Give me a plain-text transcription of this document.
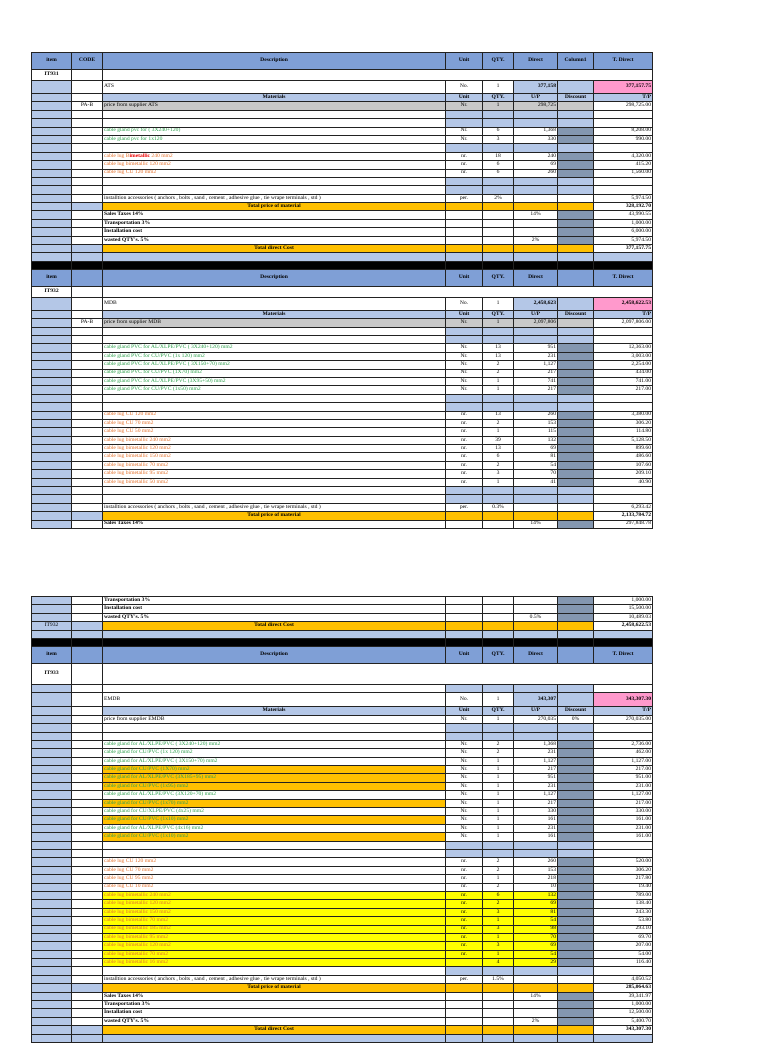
item	CODE	Description	Unit	QTY.	Direct	Column1	T. Direct
IT931							
		ATS	No.	1	377,158		377,157.75
		Materials	Unit	QTY.	U/P	Discount	T/P
	PA-B	price from supplier ATS	Nr.	1	298,725		298,725.00

		cable gland pvc for ( 3X240+120)	Nr.	6	1,368		8,208.00
		cable gland pvc for 1x120	Nr.	3	330		990.00

		cable lug Bimetallic 240 mm2	nr.	18	240		4,320.00
		cable lug bimetallic 120 mm2	nr.	6	69		415.20
		cable lug CU 120 mm2	nr.	6	260		1,560.00

		installtion accessories ( anchors , bolts , sand , cement , adhesive glue , tie wrape terminals , std )	per.	2%			5,974.50
		Total price of material					328,192.70
		Sales Taxes 14%			14%		43,990.55
		Transportation 3%					1,000.00
		Installation cost					6,000.00
		wasted QTY's. 5%			2%		5,974.50
		Total direct Cost					377,157.75

item		Description	Unit	QTY.	Direct		T. Direct
IT932							
		MDB	No.	1	2,458,623		2,458,622.53
		Materials	Unit	QTY.	U/P	Discount	T/P
	PA-B	price from supplier MDB	Nr.	1	2,097,806		2,097,806.00

		cable gland PVC for AL/XLPE/PVC ( 3X240+120) mm2	Nr.	13	951		12,363.00
		cable gland PVC for CU/PVC (1x 120) mm2	Nr.	13	231		3,003.00
		cable gland PVC for AL/XLPE/PVC ( 3X150+70) mm2	Nr.	2	1,127		2,254.00
		cable gland PVC for CU/PVC (1X70) mm2	Nr.	2	217		434.00
		cable gland PVC for AL/XLPE/PVC (3X95+50) mm2	Nr.	1	741		741.00
		cable gland PVC for CU/PVC (1x50) mm2	Nr.	1	217		217.00

		cable lug CU 120 mm2	nr.	13	260		3,380.00
		cable lug CU 70 mm2	nr.	2	153		306.20
		cable lug CU 50 mm2	nr.	1	115		114.80
		cable lug bimetallic 240 mm2	nr.	39	132		5,128.50
		cable lug bimetallic 120 mm2	nr.	13	69		899.60
		cable lug bimetallic 150 mm2	nr.	6	81		486.60
		cable lug bimetallic 70 mm2	nr.	2	54		107.60
		cable lug bimetallic 95 mm2	nr.	3	70		209.10
		cable lug bimetallic 50 mm2	nr.	1	41		40.90

		installtion accessories ( anchors , bolts , sand , cement , adhesive glue , tie wrape terminals , std )	per.	0.3%			6,293.42
		Total price of material					2,133,784.72
		Sales Taxes 14%			14%		297,848.78
		Transportation 3%					1,000.00
		Installation cost					15,500.00
		wasted QTY's. 5%			0.5%		10,489.03
IT932		Total direct Cost					2,458,622.53

item		Description	Unit	QTY.	Direct		T. Direct
IT933							

		EMDB	No.	1	343,307		343,307.30
		Materials	Unit	QTY.	U/P	Discount	T/P
		price from supplier EMDB	Nr.	1	270,035	0%	270,035.00

		cable gland for AL/XLPE/PVC ( 3X240+120) mm2	Nr.	2	1,368		2,736.00
		cable gland for CU/PVC (1x 120) mm2	Nr.	2	231		462.00
		cable gland for AL/XLPE/PVC ( 3X150+70) mm2	Nr.	1	1,127		1,127.00
		cable gland for CU/PVC (1X70) mm2	Nr.	1	217		217.00
		cable gland for AL/XLPE/PVC (3X185+95) mm2	Nr.	1	951		951.00
		cable gland for CU/PVC (1x95) mm2	Nr.	1	231		231.00
		cable gland for AL/XLPE/PVC (3X120+70) mm2	Nr.	1	1,127		1,127.00
		cable gland for CU/PVC (1x70) mm2	Nr.	1	217		217.00
		cable gland for CU/XLPE/PVC (4x25) mm2	Nr.	1	330		330.00
		cable gland for CU/PVC (1x10) mm2	Nr.	1	161		161.00
		cable gland for AL/XLPE/PVC (4x16) mm2	Nr.	1	231		231.00
		cable gland for CU/PVC (1x10) mm2	Nr.	1	161		161.00

		cable lug CU 120 mm2	nr.	2	260		520.00
		cable lug CU 70 mm2	nr.	2	153		306.20
		cable lug CU 95 mm2	nr.	1	218		217.80
		cable lug CU 10 mm2	nr.	2	10		19.40
		cable lug bimetallic 240 mm2	nr.	6	132		789.00
		cable lug bimetallic 120 mm2	nr.	2	69		138.40
		cable lug bimetallic 150 mm2	nr.	3	81		243.30
		cable lug bimetallic 70 mm2	nr.	1	54		53.80
		cable lug bimetallic 185 mm2	nr.	3	98		293.10
		cable lug bimetallic 95 mm2	nr.	1	70		69.70
		cable lug bimetallic 120 mm2	nr.	3	69		207.00
		cable lug bimetallic 70 mm2	nr.	1	54		54.00
		cable lug bimetallic 16 mm2		4	29		116.40

		installtion accessories ( anchors , bolts , sand , cement , adhesive glue , tie wrape terminals , std )	per.	1.5%			4,050.52
		Total price of material					285,064.63
		Sales Taxes 14%			14%		39,341.97
		Transportation 3%					1,000.00
		Installation cost					12,500.00
		wasted QTY's. 5%			2%		5,400.70
		Total direct Cost					343,307.30
